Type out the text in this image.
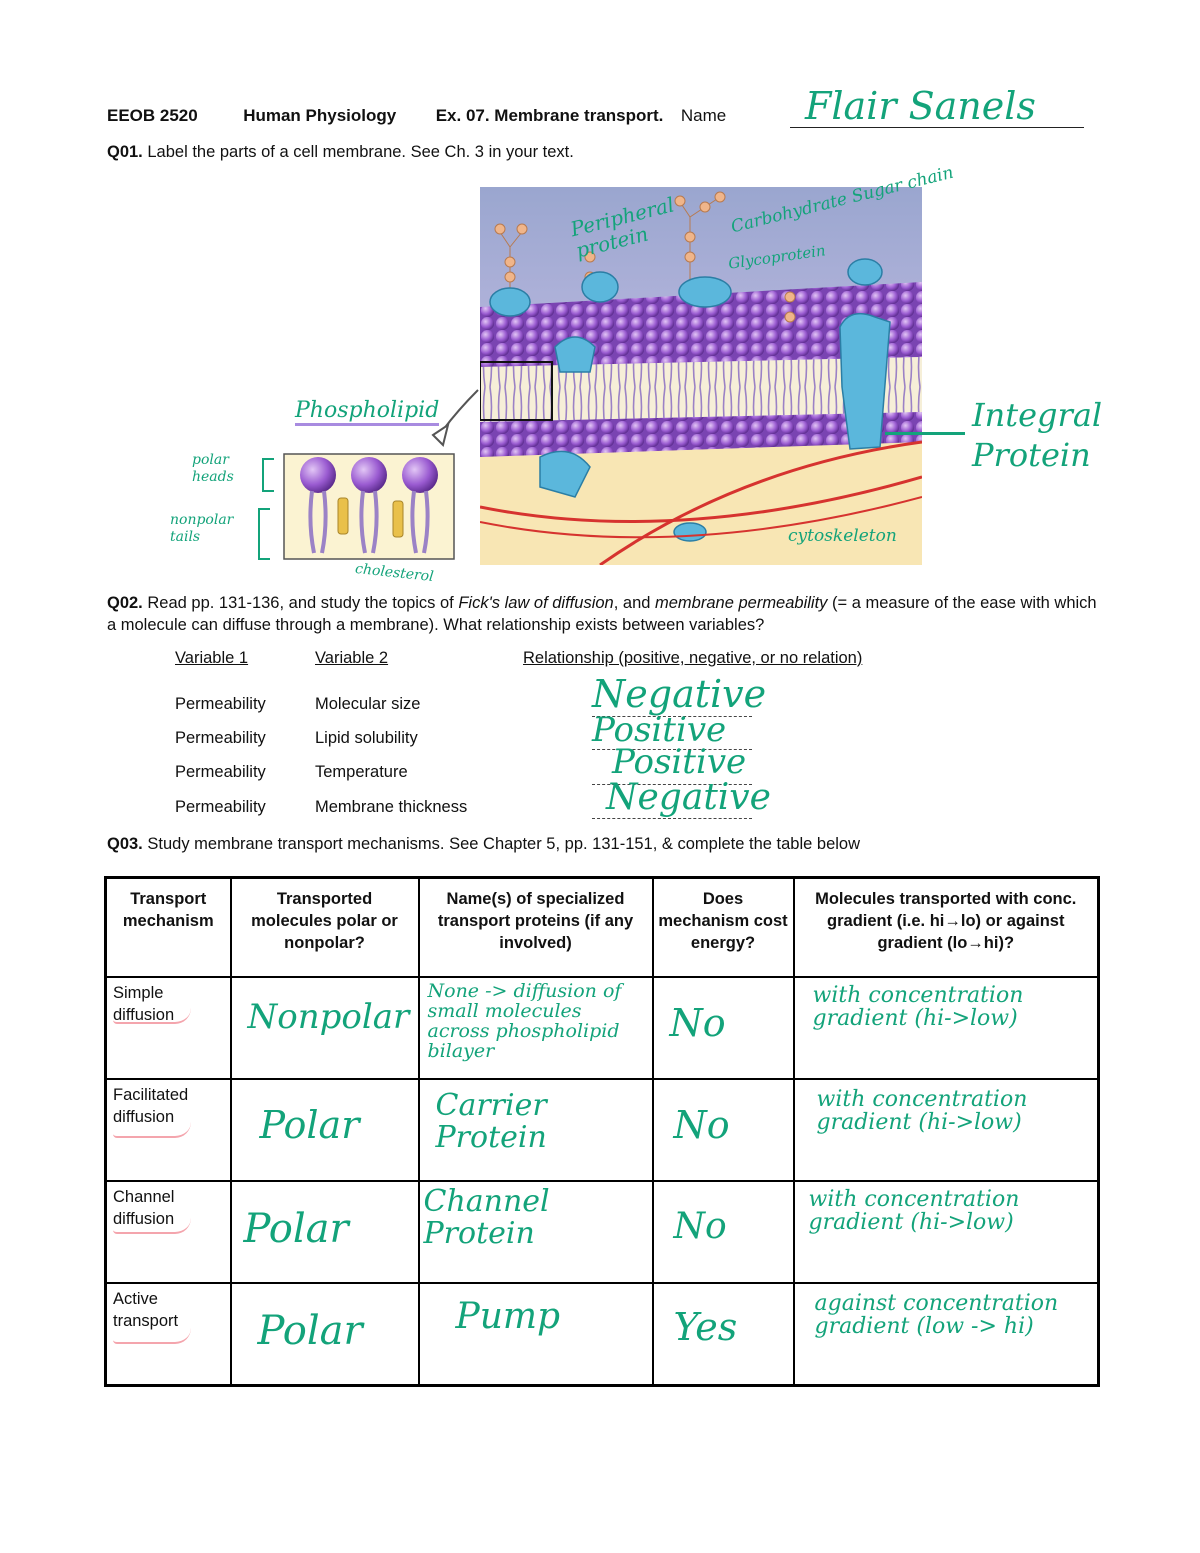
EEOB 2520	Human Physiology Ex. 07. Membrane transport. Name Flair Sanels
Q01. Label the parts of a cell membrane. See Ch. 3 in your text.
Peripheral protein
Carbohydrate Sugar chain
Glycoprotein
Phospholipid
polar heads
nonpolar tails
cholesterol
Integral Protein
cytoskeleton
Q02. Read pp. 131-136, and study the topics of Fick's law of diffusion, and membrane permeability (= a measure of the ease with which a molecule can diffuse through a membrane). What relationship exists between variables?
Variable 1	Variable 2	Relationship (positive, negative, or no relation)
Permeability	Molecular size	Negative
Permeability	Lipid solubility	Positive
Permeability	Temperature	Positive
Permeability	Membrane thickness	Negative
Q03. Study membrane transport mechanisms. See Chapter 5, pp. 131-151, & complete the table below
Transport mechanism	Transported molecules polar or nonpolar?	Name(s) of specialized transport proteins (if any involved)	Does mechanism cost energy?	Molecules transported with conc. gradient (i.e. hi→lo) or against gradient (lo→hi)?

Simple diffusion	Nonpolar	None -> diffusion of small molecules across phospholipid bilayer	No	with concentration gradient (hi->low)

Facilitated diffusion	Polar	Carrier Protein	No	with concentration gradient (hi->low)

Channel diffusion	Polar	Channel Protein	No	with concentration gradient (hi->low)

Active transport	Polar	Pump	Yes	against concentration gradient (low -> hi)
